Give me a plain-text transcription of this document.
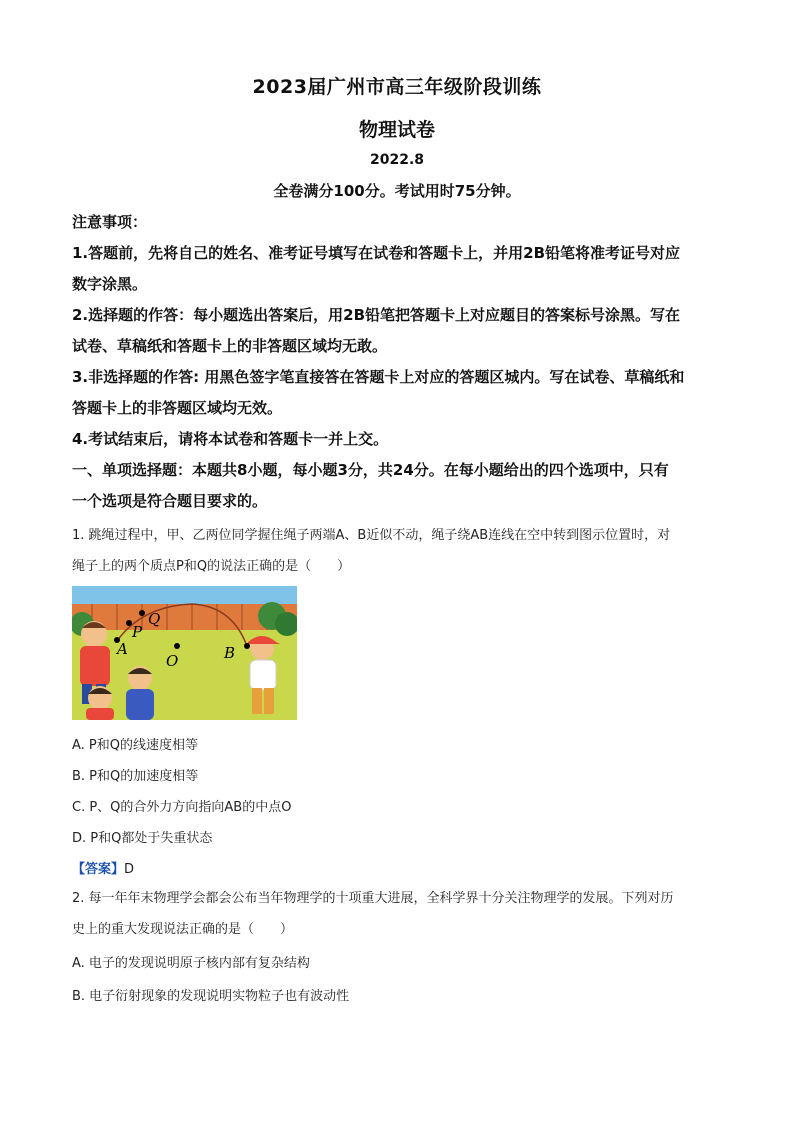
2023届广州市高三年级阶段训练
物理试卷
2022.8
全卷满分100分。考试用时75分钟。
注意事项：
1.答题前，先将自己的姓名、准考证号填写在试卷和答题卡上，并用2B铅笔将准考证号对应
数字涂黑。
2.选择题的作答：每小题选出答案后，用2B铅笔把答题卡上对应题目的答案标号涂黑。写在
试卷、草稿纸和答题卡上的非答题区域均无敢。
3.非选择题的作答: 用黑色签字笔直接答在答题卡上对应的答题区城内。写在试卷、草稿纸和
答题卡上的非答题区域均无效。
4.考试结束后，请将本试卷和答题卡一并上交。
一、单项选择题：本题共8小题，每小题3分，共24分。在每小题给出的四个选项中，只有
一个选项是符合题目要求的。
1. 跳绳过程中，甲、乙两位同学握住绳子两端A、B近似不动，绳子绕AB连线在空中转到图示位置时，对
绳子上的两个质点P和Q的说法正确的是（　　）
A
P
Q
O	B
A. P和Q的线速度相等
B. P和Q的加速度相等
C. P、Q的合外力方向指向AB的中点O
D. P和Q都处于失重状态
【答案】D
2. 每一年年末物理学会都会公布当年物理学的十项重大进展，全科学界十分关注物理学的发展。下列对历
史上的重大发现说法正确的是（　　）
A. 电子的发现说明原子核内部有复杂结构
B. 电子衍射现象的发现说明实物粒子也有波动性
